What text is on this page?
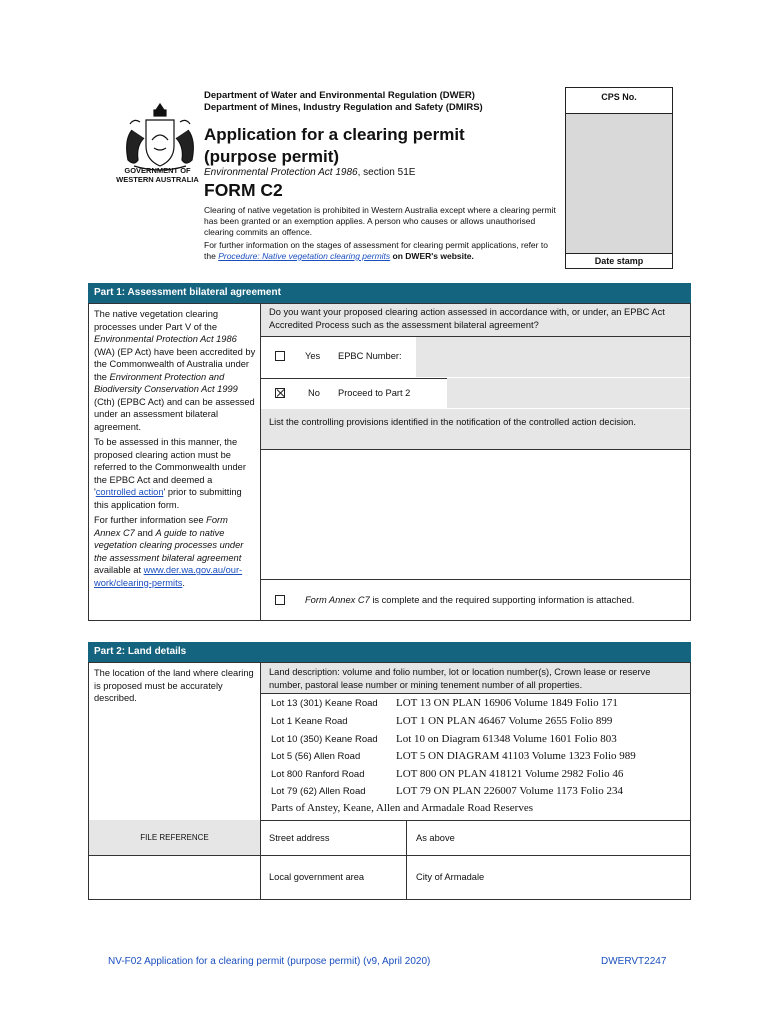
GOVERNMENT OF
WESTERN AUSTRALIA
Department of Water and Environmental Regulation (DWER)
Department of Mines, Industry Regulation and Safety (DMIRS)
Application for a clearing permit
(purpose permit)
Environmental Protection Act 1986, section 51E
FORM C2

Clearing of native vegetation is prohibited in Western Australia except where a clearing permit has been granted or an exemption applies. A person who causes or allows unauthorised clearing commits an offence.

For further information on the stages of assessment for clearing permit applications, refer to the Procedure: Native vegetation clearing permits on DWER's website.

CPS No.
Date stamp
Part 1: Assessment bilateral agreement
The native vegetation clearing processes under Part V of the Environmental Protection Act 1986 (WA) (EP Act) have been accredited by the Commonwealth of Australia under the Environment Protection and Biodiversity Conservation Act 1999 (Cth) (EPBC Act) and can be assessed under an assessment bilateral agreement.
To be assessed in this manner, the proposed clearing action must be referred to the Commonwealth under the EPBC Act and deemed a 'controlled action' prior to submitting this application form.
For further information see Form Annex C7 and A guide to native vegetation clearing processes under the assessment bilateral agreement available at www.der.wa.gov.au/our-work/clearing-permits.
Do you want your proposed clearing action assessed in accordance with, or under, an EPBC Act Accredited Process such as the assessment bilateral agreement?
Yes EPBC Number:
No Proceed to Part 2
List the controlling provisions identified in the notification of the controlled action decision.
Form Annex C7 is complete and the required supporting information is attached.
Part 2: Land details
The location of the land where clearing is proposed must be accurately described.
Land description: volume and folio number, lot or location number(s), Crown lease or reserve number, pastoral lease number or mining tenement number of all properties.
Lot 13 (301) Keane Road LOT 13 ON PLAN 16906 Volume 1849 Folio 171
Lot 1 Keane Road	LOT 1 ON PLAN 46467 Volume 2655 Folio 899
Lot 10 (350) Keane Road Lot 10 on Diagram 61348 Volume 1601 Folio 803
Lot 5 (56) Allen Road	LOT 5 ON DIAGRAM 41103 Volume 1323 Folio 989
Lot 800 Ranford Road	LOT 800 ON PLAN 418121 Volume 2982 Folio 46
Lot 79 (62) Allen Road	LOT 79 ON PLAN 226007 Volume 1173 Folio 234
Parts of Anstey, Keane, Allen and Armadale Road Reserves
FILE REFERENCE	Street address	As above
Local government area	City of Armadale
NV-F02 Application for a clearing permit (purpose permit) (v9, April 2020)	DWERVT2247
